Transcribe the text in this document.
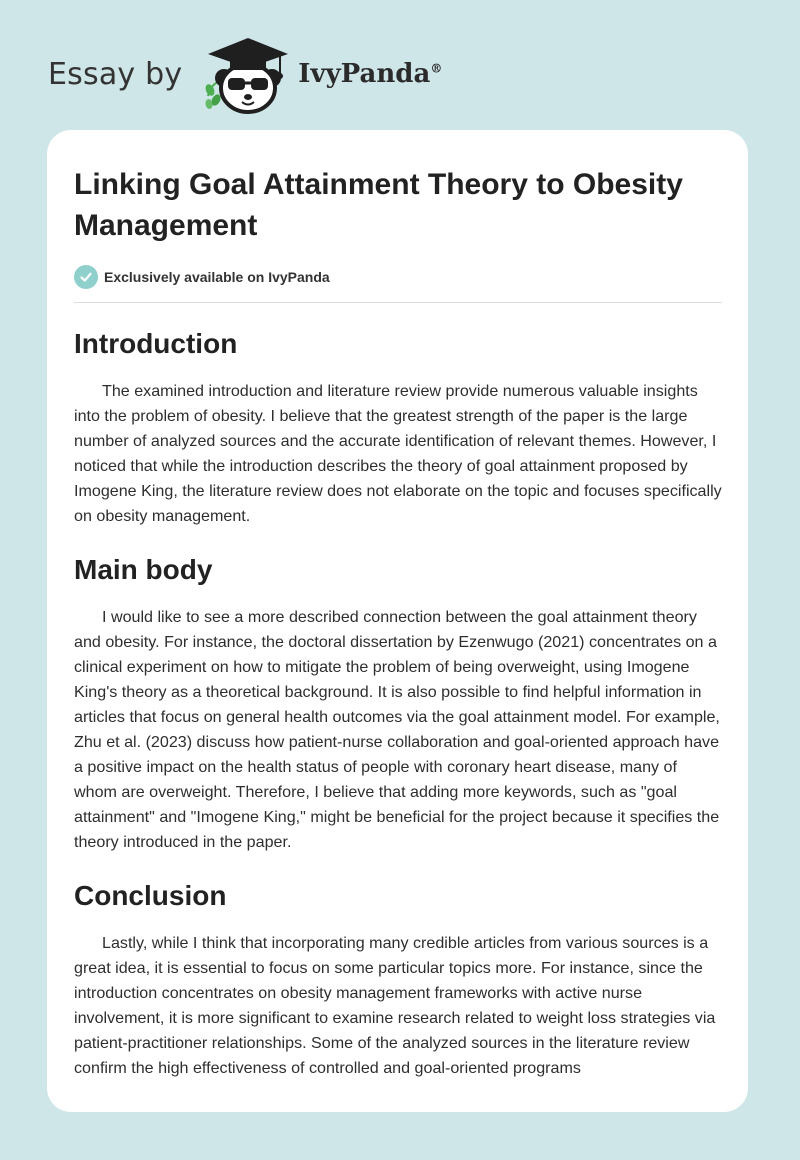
Essay by	IvyPanda®
Linking Goal Attainment Theory to Obesity Management
Exclusively available on IvyPanda
Introduction

The examined introduction and literature review provide numerous valuable insights into the problem of obesity. I believe that the greatest strength of the paper is the large number of analyzed sources and the accurate identification of relevant themes. However, I noticed that while the introduction describes the theory of goal attainment proposed by Imogene King, the literature review does not elaborate on the topic and focuses specifically on obesity management.

Main body

I would like to see a more described connection between the goal attainment theory and obesity. For instance, the doctoral dissertation by Ezenwugo (2021) concentrates on a clinical experiment on how to mitigate the problem of being overweight, using Imogene King's theory as a theoretical background. It is also possible to find helpful information in articles that focus on general health outcomes via the goal attainment model. For example, Zhu et al. (2023) discuss how patient-nurse collaboration and goal-oriented approach have a positive impact on the health status of people with coronary heart disease, many of whom are overweight. Therefore, I believe that adding more keywords, such as "goal attainment" and "Imogene King," might be beneficial for the project because it specifies the theory introduced in the paper.

Conclusion

Lastly, while I think that incorporating many credible articles from various sources is a great idea, it is essential to focus on some particular topics more. For instance, since the introduction concentrates on obesity management frameworks with active nurse involvement, it is more significant to examine research related to weight loss strategies via patient-practitioner relationships. Some of the analyzed sources in the literature review confirm the high effectiveness of controlled and goal-oriented programs
